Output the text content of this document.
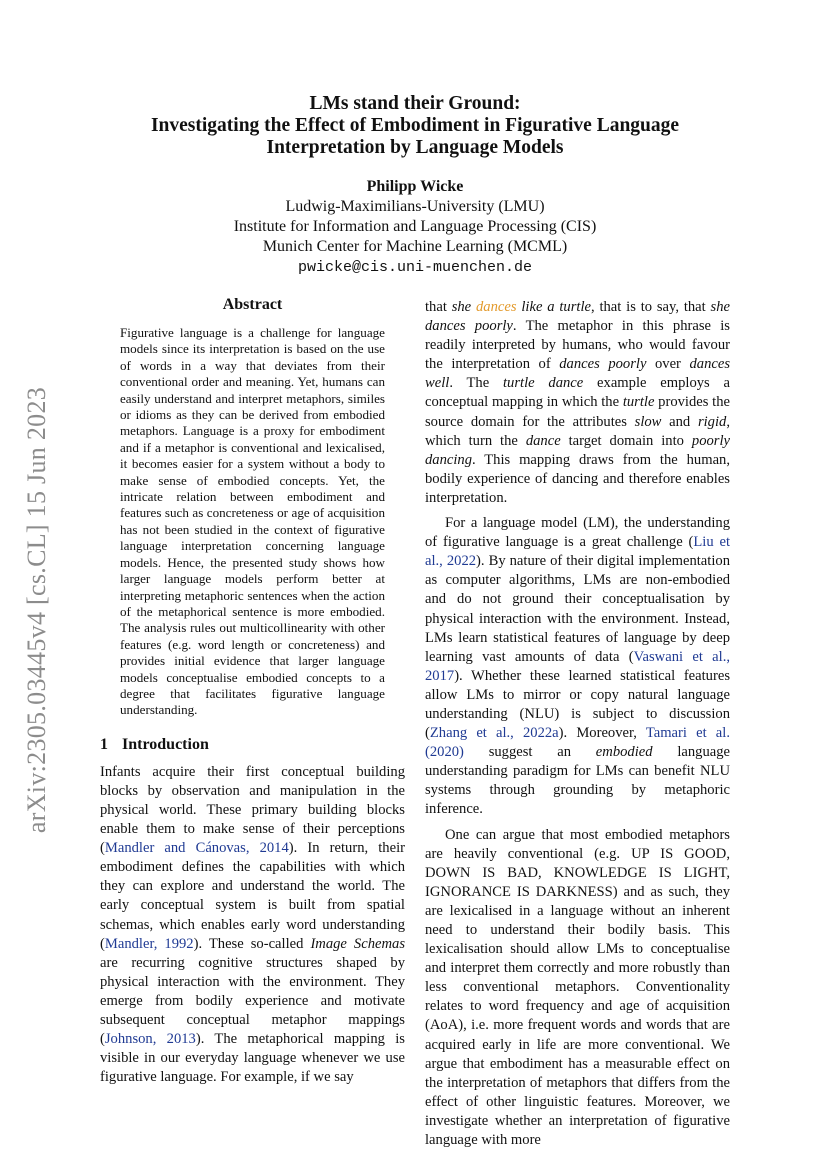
arXiv:2305.03445v4 [cs.CL] 15 Jun 2023
LMs stand their Ground:
Investigating the Effect of Embodiment in Figurative Language
Interpretation by Language Models
Philipp Wicke
Ludwig-Maximilians-University (LMU)
Institute for Information and Language Processing (CIS)
Munich Center for Machine Learning (MCML)
pwicke@cis.uni-muenchen.de
Abstract

Figurative language is a challenge for language models since its interpretation is based on the use of words in a way that deviates from their conventional order and meaning. Yet, humans can easily understand and interpret metaphors, similes or idioms as they can be derived from embodied metaphors. Language is a proxy for embodiment and if a metaphor is conventional and lexicalised, it becomes easier for a system without a body to make sense of embodied concepts. Yet, the intricate relation between embodiment and features such as concreteness or age of acquisition has not been studied in the context of figurative language interpretation concerning language models. Hence, the presented study shows how larger language models perform better at interpreting metaphoric sentences when the action of the metaphorical sentence is more embodied. The analysis rules out multicollinearity with other features (e.g. word length or concreteness) and provides initial evidence that larger language models conceptualise embodied concepts to a degree that facilitates figurative language understanding.

1 Introduction

Infants acquire their first conceptual building blocks by observation and manipulation in the physical world. These primary building blocks enable them to make sense of their perceptions (Mandler and Cánovas, 2014). In return, their embodiment defines the capabilities with which they can explore and understand the world. The early conceptual system is built from spatial schemas, which enables early word understanding (Mandler, 1992). These so-called Image Schemas are recurring cognitive structures shaped by physical interaction with the environment. They emerge from bodily experience and motivate subsequent conceptual metaphor mappings (Johnson, 2013). The metaphorical mapping is visible in our everyday language whenever we use figurative language. For example, if we say

that she dances like a turtle, that is to say, that she dances poorly. The metaphor in this phrase is readily interpreted by humans, who would favour the interpretation of dances poorly over dances well. The turtle dance example employs a conceptual mapping in which the turtle provides the source domain for the attributes slow and rigid, which turn the dance target domain into poorly dancing. This mapping draws from the human, bodily experience of dancing and therefore enables interpretation.

For a language model (LM), the understanding of figurative language is a great challenge (Liu et al., 2022). By nature of their digital implementation as computer algorithms, LMs are non-embodied and do not ground their conceptualisation by physical interaction with the environment. Instead, LMs learn statistical features of language by deep learning vast amounts of data (Vaswani et al., 2017). Whether these learned statistical features allow LMs to mirror or copy natural language understanding (NLU) is subject to discussion (Zhang et al., 2022a). Moreover, Tamari et al. (2020) suggest an embodied language understanding paradigm for LMs can benefit NLU systems through grounding by metaphoric inference.

One can argue that most embodied metaphors are heavily conventional (e.g. UP IS GOOD, DOWN IS BAD, KNOWLEDGE IS LIGHT, IGNORANCE IS DARKNESS) and as such, they are lexicalised in a language without an inherent need to understand their bodily basis. This lexicalisation should allow LMs to conceptualise and interpret them correctly and more robustly than less conventional metaphors. Conventionality relates to word frequency and age of acquisition (AoA), i.e. more frequent words and words that are acquired early in life are more conventional. We argue that embodiment has a measurable effect on the interpretation of metaphors that differs from the effect of other linguistic features. Moreover, we investigate whether an interpretation of figurative language with more
